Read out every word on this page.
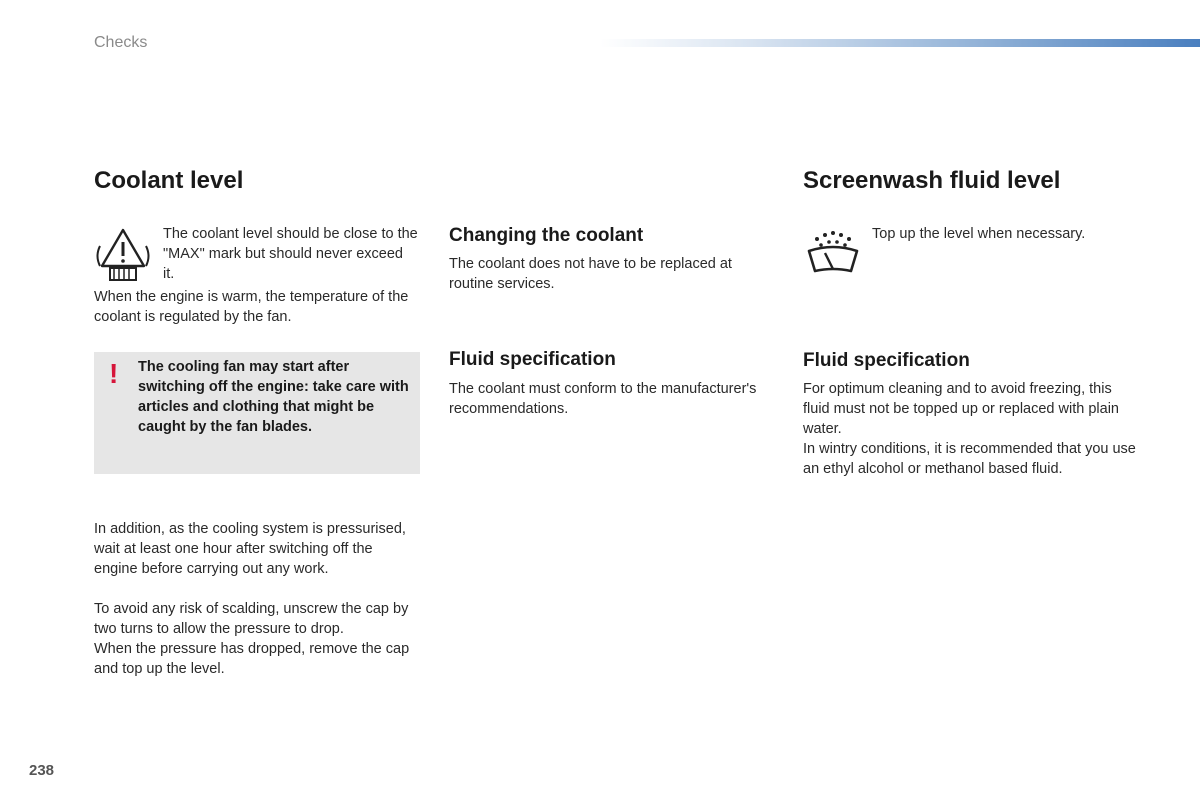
Checks
Coolant level

The coolant level should be close to the "MAX" mark but should never exceed it.

When the engine is warm, the temperature of the coolant is regulated by the fan.

! The cooling fan may start after switching off the engine: take care with articles and clothing that might be caught by the fan blades.

In addition, as the cooling system is pressurised, wait at least one hour after switching off the engine before carrying out any work.

To avoid any risk of scalding, unscrew the cap by two turns to allow the pressure to drop.

When the pressure has dropped, remove the cap and top up the level.

Changing the coolant

The coolant does not have to be replaced at routine services.

Fluid specification

The coolant must conform to the manufacturer's recommendations.

Screenwash fluid level

Top up the level when necessary.

Fluid specification

For optimum cleaning and to avoid freezing, this fluid must not be topped up or replaced with plain water.

In wintry conditions, it is recommended that you use an ethyl alcohol or methanol based fluid.

238
